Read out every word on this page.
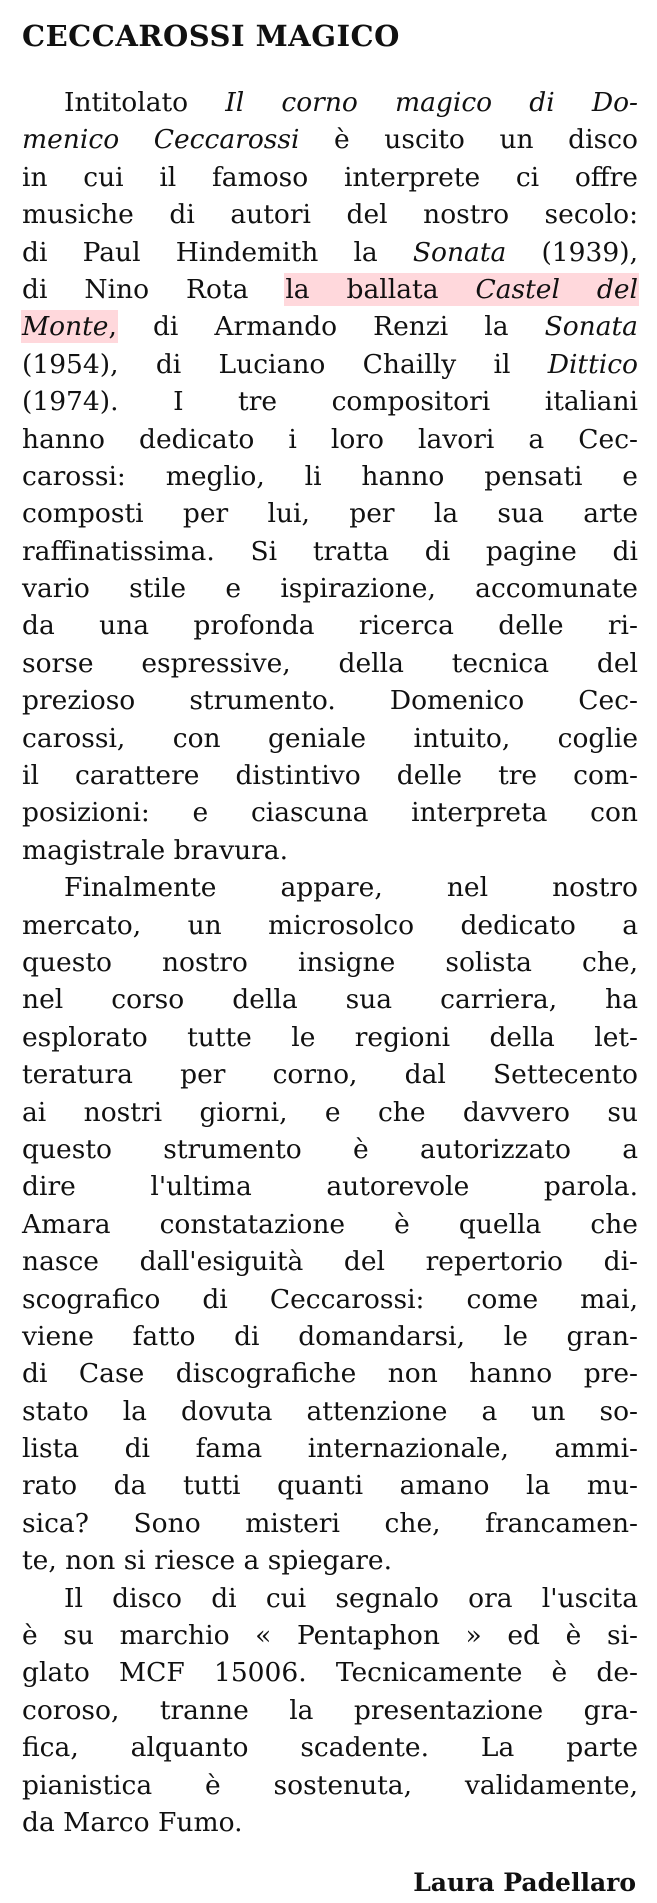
CECCAROSSI MAGICO
Intitolato Il corno magico di Do-
menico Ceccarossi è uscito un disco
in cui il famoso interprete ci offre
musiche di autori del nostro secolo:
di Paul Hindemith la Sonata (1939),
di Nino Rota la ballata Castel del
Monte, di Armando Renzi la Sonata
(1954), di Luciano Chailly il Dittico
(1974). I tre compositori italiani
hanno dedicato i loro lavori a Cec-
carossi: meglio, li hanno pensati e
composti per lui, per la sua arte
raffinatissima. Si tratta di pagine di
vario stile e ispirazione, accomunate
da una profonda ricerca delle ri-
sorse espressive, della tecnica del
prezioso strumento. Domenico Cec-
carossi, con geniale intuito, coglie
il carattere distintivo delle tre com-
posizioni: e ciascuna interpreta con
magistrale bravura.
Finalmente appare, nel nostro
mercato, un microsolco dedicato a
questo nostro insigne solista che,
nel corso della sua carriera, ha
esplorato tutte le regioni della let-
teratura per corno, dal Settecento
ai nostri giorni, e che davvero su
questo strumento è autorizzato a
dire l'ultima autorevole parola.
Amara constatazione è quella che
nasce dall'esiguità del repertorio di-
scografico di Ceccarossi: come mai,
viene fatto di domandarsi, le gran-
di Case discografiche non hanno pre-
stato la dovuta attenzione a un so-
lista di fama internazionale, ammi-
rato da tutti quanti amano la mu-
sica? Sono misteri che, francamen-
te, non si riesce a spiegare.
Il disco di cui segnalo ora l'uscita
è su marchio « Pentaphon » ed è si-
glato MCF 15006. Tecnicamente è de-
coroso, tranne la presentazione gra-
fica, alquanto scadente. La parte
pianistica è sostenuta, validamente,
da Marco Fumo.
Laura Padellaro
